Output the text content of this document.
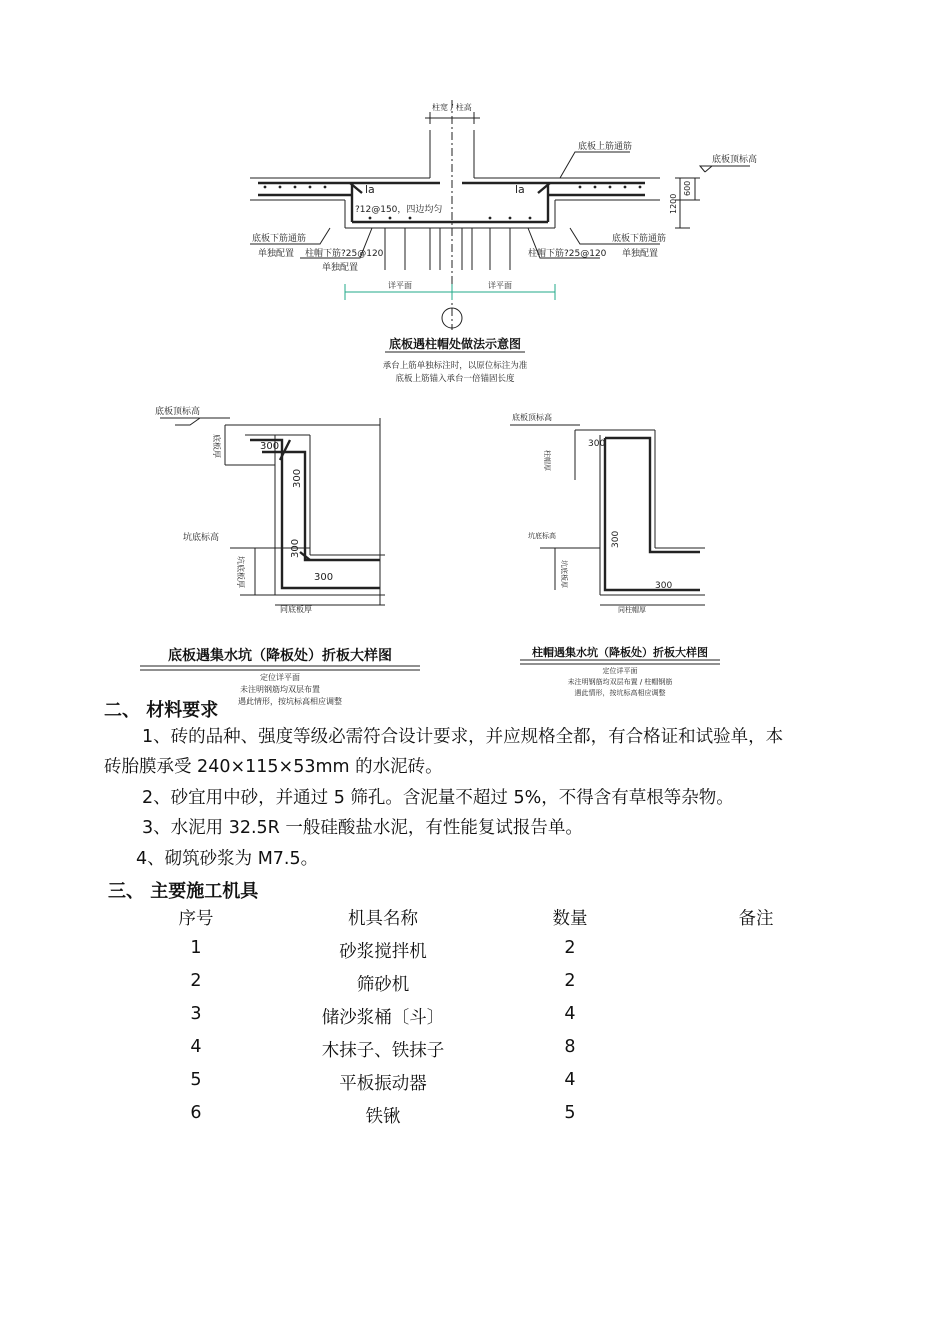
柱宽 / 柱高
底板上筋通筋
底板顶标高
la	la
?12@150，四边均匀
600
1200
底板下筋通筋
单独配置 柱帽下筋?25@120
单独配置
柱帽下筋?25@120
底板下筋通筋
单独配置
详平面	详平面
底板遇柱帽处做法示意图
承台上筋单独标注时，以原位标注为准
底板上筋锚入承台一倍锚固长度
底板顶标高
底板厚	300
300
300
300
坑底标高
坑底板厚
同底板厚
底板遇集水坑（降板处）折板大样图
定位详平面
未注明钢筋均双层布置
遇此情形，按坑标高相应调整
底板顶标高
柱帽厚
300
300
300
坑底标高
坑底板厚
同柱帽厚
柱帽遇集水坑（降板处）折板大样图
定位详平面
未注明钢筋均双层布置 / 柱帽钢筋
遇此情形，按坑标高相应调整
二、 材料要求
1、砖的品种、强度等级必需符合设计要求，并应规格全都，有合格证和试验单，本
砖胎膜承受 240×115×53mm 的水泥砖。
2、砂宜用中砂，并通过 5 筛孔。含泥量不超过 5%，不得含有草根等杂物。
3、水泥用 32.5R 一般硅酸盐水泥，有性能复试报告单。
4、砌筑砂浆为 M7.5。
三、 主要施工机具
序号	机具名称	数量	备注
1	砂浆搅拌机	2
2	筛砂机	2
3	储沙浆桶〔斗〕	4
4	木抹子、铁抹子	8
5	平板振动器	4
6	铁锹	5
